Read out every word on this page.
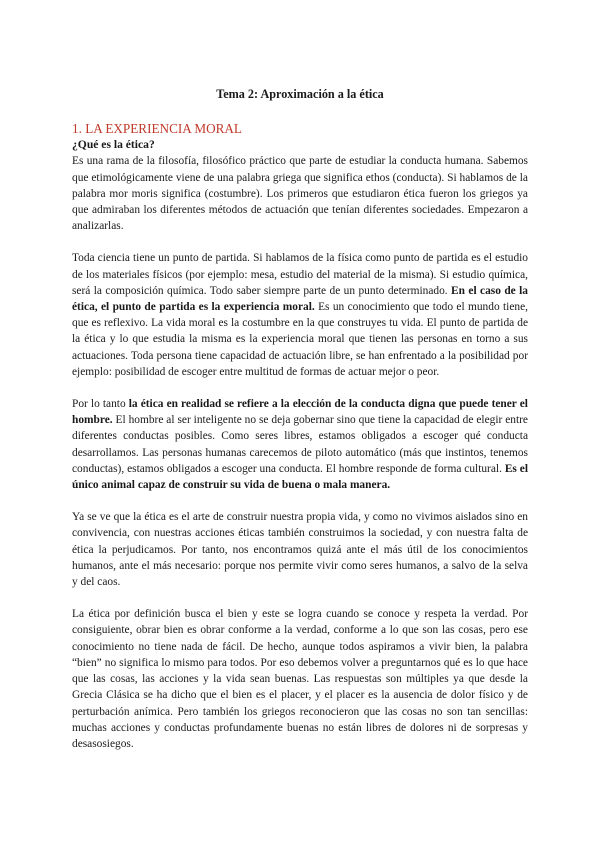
Tema 2: Aproximación a la ética
1. LA EXPERIENCIA MORAL
¿Qué es la ética?

Es una rama de la filosofía, filosófico práctico que parte de estudiar la conducta humana. Sabemos que etimológicamente viene de una palabra griega que significa ethos (conducta). Si hablamos de la palabra mor moris significa (costumbre). Los primeros que estudiaron ética fueron los griegos ya que admiraban los diferentes métodos de actuación que tenían diferentes sociedades. Empezaron a analizarlas.

Toda ciencia tiene un punto de partida. Si hablamos de la física como punto de partida es el estudio de los materiales físicos (por ejemplo: mesa, estudio del material de la misma). Si estudio química, será la composición química. Todo saber siempre parte de un punto determinado. En el caso de la ética, el punto de partida es la experiencia moral. Es un conocimiento que todo el mundo tiene, que es reflexivo. La vida moral es la costumbre en la que construyes tu vida. El punto de partida de la ética y lo que estudia la misma es la experiencia moral que tienen las personas en torno a sus actuaciones. Toda persona tiene capacidad de actuación libre, se han enfrentado a la posibilidad por ejemplo: posibilidad de escoger entre multitud de formas de actuar mejor o peor.

Por lo tanto la ética en realidad se refiere a la elección de la conducta digna que puede tener el hombre. El hombre al ser inteligente no se deja gobernar sino que tiene la capacidad de elegir entre diferentes conductas posibles. Como seres libres, estamos obligados a escoger qué conducta desarrollamos. Las personas humanas carecemos de piloto automático (más que instintos, tenemos conductas), estamos obligados a escoger una conducta. El hombre responde de forma cultural. Es el único animal capaz de construir su vida de buena o mala manera.

Ya se ve que la ética es el arte de construir nuestra propia vida, y como no vivimos aislados sino en convivencia, con nuestras acciones éticas también construimos la sociedad, y con nuestra falta de ética la perjudicamos. Por tanto, nos encontramos quizá ante el más útil de los conocimientos humanos, ante el más necesario: porque nos permite vivir como seres humanos, a salvo de la selva y del caos.

La ética por definición busca el bien y este se logra cuando se conoce y respeta la verdad. Por consiguiente, obrar bien es obrar conforme a la verdad, conforme a lo que son las cosas, pero ese conocimiento no tiene nada de fácil. De hecho, aunque todos aspiramos a vivir bien, la palabra “bien” no significa lo mismo para todos. Por eso debemos volver a preguntarnos qué es lo que hace que las cosas, las acciones y la vida sean buenas. Las respuestas son múltiples ya que desde la Grecia Clásica se ha dicho que el bien es el placer, y el placer es la ausencia de dolor físico y de perturbación anímica. Pero también los griegos reconocieron que las cosas no son tan sencillas: muchas acciones y conductas profundamente buenas no están libres de dolores ni de sorpresas y desasosiegos.
